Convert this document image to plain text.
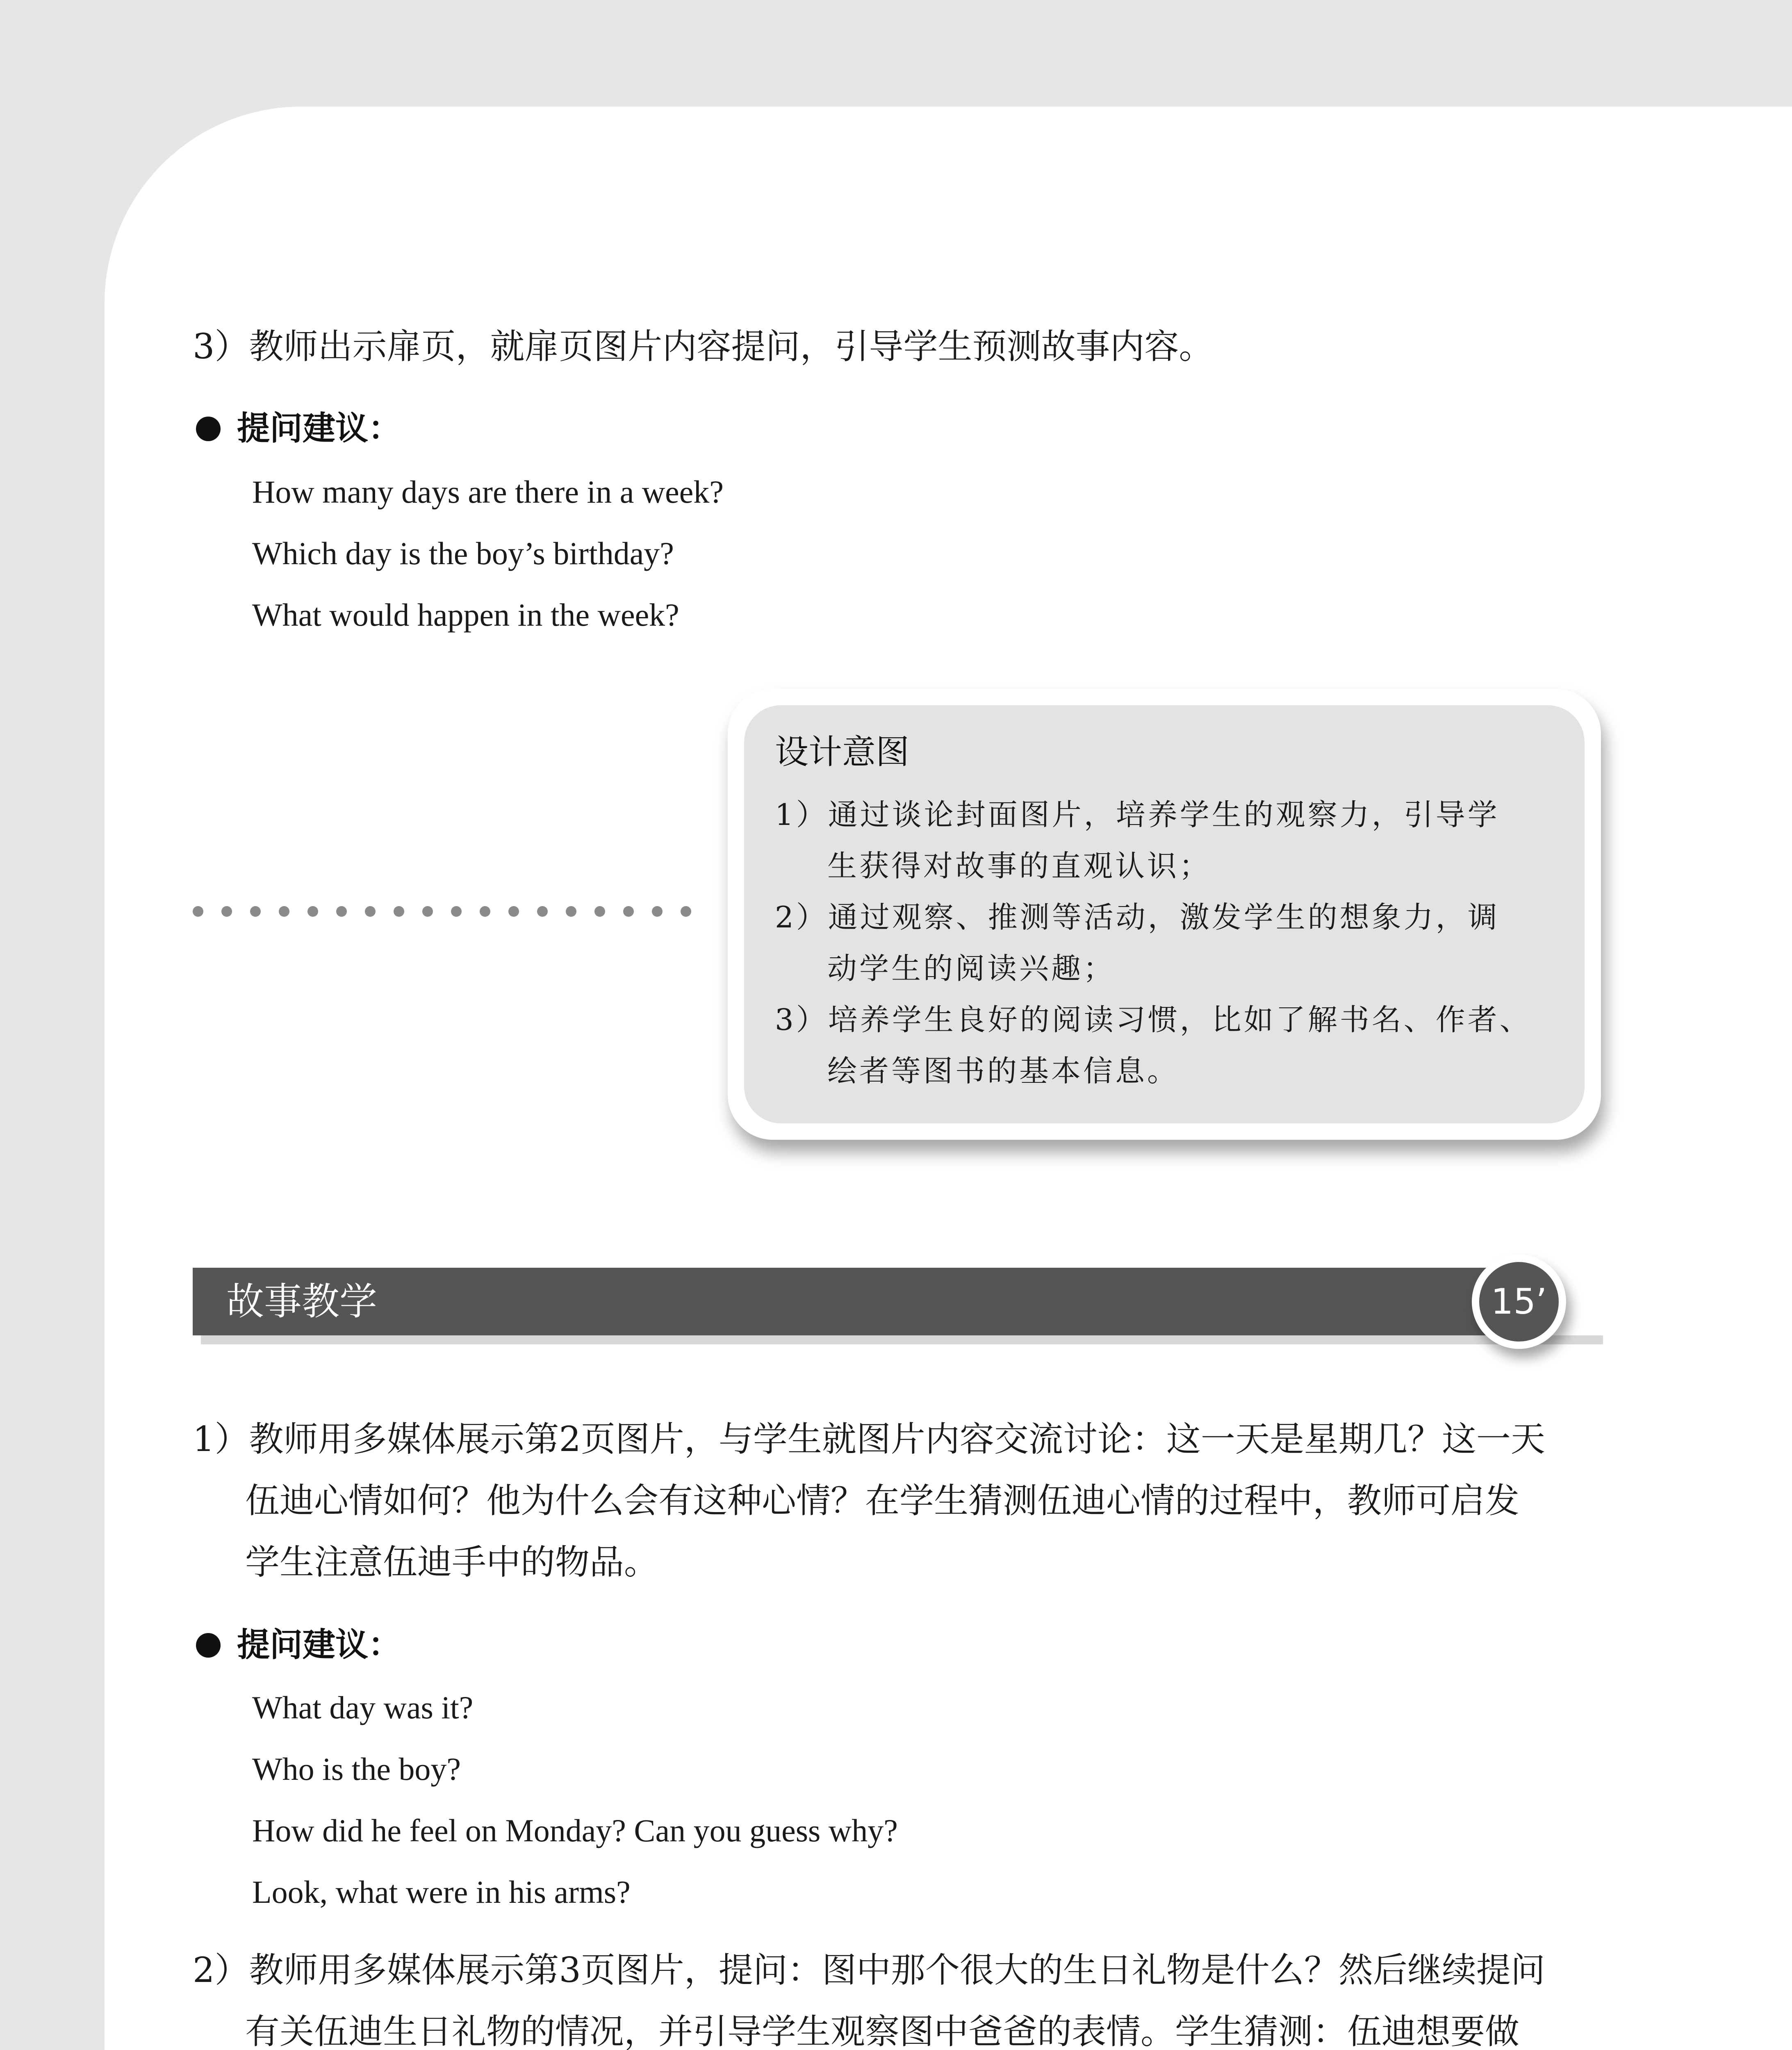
3）教师出示扉页，就扉页图片内容提问，引导学生预测故事内容。
提问建议：
How many days are there in a week?
Which day is the boy’s birthday?
What would happen in the week?
设计意图
1）通过谈论封面图片，培养学生的观察力，引导学
生获得对故事的直观认识；
2）通过观察、推测等活动，激发学生的想象力，调
动学生的阅读兴趣；
3）培养学生良好的阅读习惯，比如了解书名、作者、
绘者等图书的基本信息。
故事教学	15’
1）教师用多媒体展示第2页图片，与学生就图片内容交流讨论：这一天是星期几？这一天
伍迪心情如何？他为什么会有这种心情？在学生猜测伍迪心情的过程中，教师可启发
学生注意伍迪手中的物品。
提问建议：
What day was it?
Who is the boy?
How did he feel on Monday? Can you guess why?
Look, what were in his arms?
2）教师用多媒体展示第3页图片，提问：图中那个很大的生日礼物是什么？然后继续提问
有关伍迪生日礼物的情况，并引导学生观察图中爸爸的表情。学生猜测：伍迪想要做
